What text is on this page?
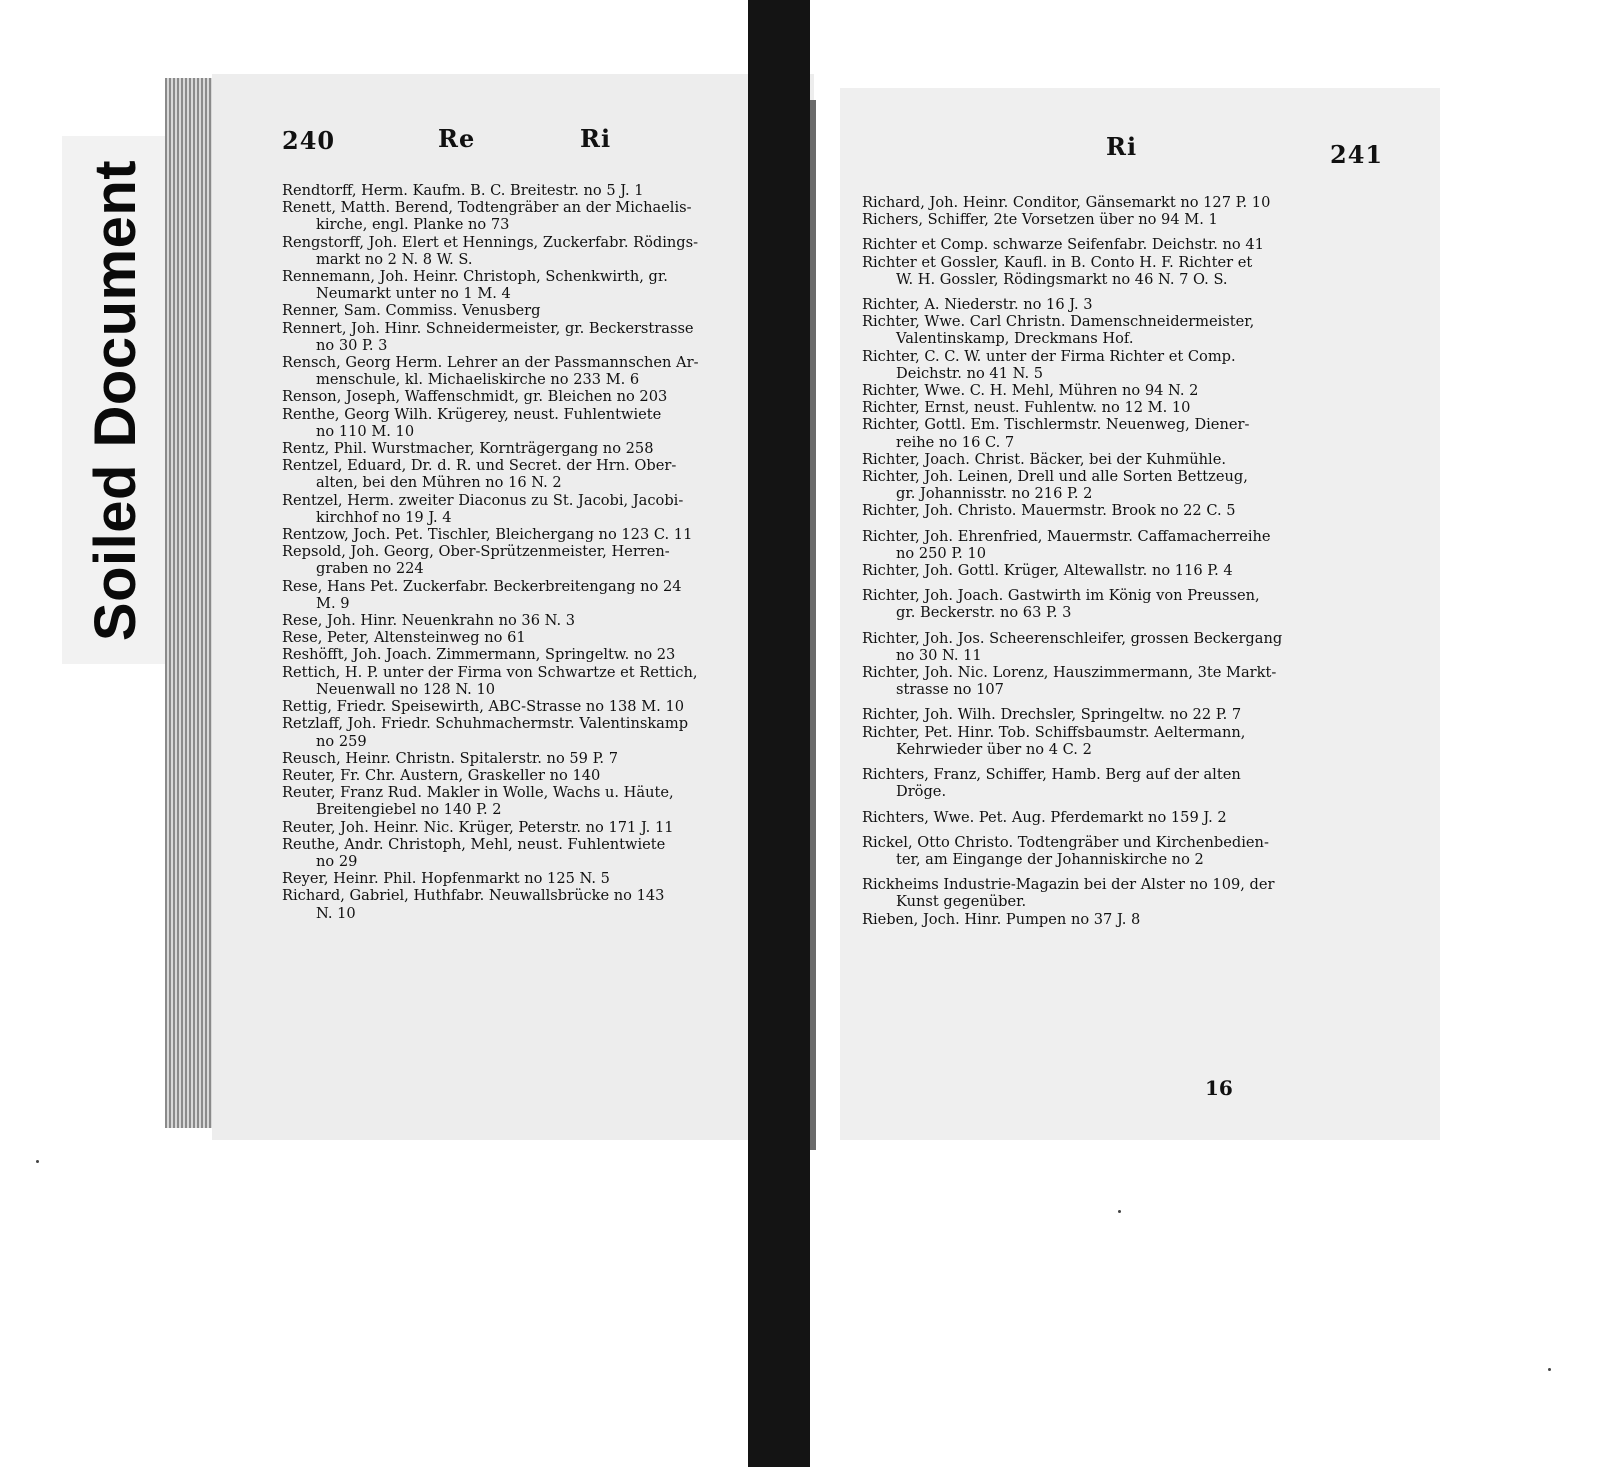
Soiled Document
240	Re	Ri
Rendtorff, Herm. Kaufm. B. C. Breitestr. no 5 J. 1
Renett, Matth. Berend, Todtengräber an der Michaelis-
kirche, engl. Planke no 73
Rengstorff, Joh. Elert et Hennings, Zuckerfabr. Rödings-
markt no 2 N. 8 W. S.
Rennemann, Joh. Heinr. Christoph, Schenkwirth, gr.
Neumarkt unter no 1 M. 4
Renner, Sam. Commiss. Venusberg
Rennert, Joh. Hinr. Schneidermeister, gr. Beckerstrasse
no 30 P. 3
Rensch, Georg Herm. Lehrer an der Passmannschen Ar-
menschule, kl. Michaeliskirche no 233 M. 6
Renson, Joseph, Waffenschmidt, gr. Bleichen no 203
Renthe, Georg Wilh. Krügerey, neust. Fuhlentwiete
no 110 M. 10
Rentz, Phil. Wurstmacher, Kornträgergang no 258
Rentzel, Eduard, Dr. d. R. und Secret. der Hrn. Ober-
alten, bei den Mühren no 16 N. 2
Rentzel, Herm. zweiter Diaconus zu St. Jacobi, Jacobi-
kirchhof no 19 J. 4
Rentzow, Joch. Pet. Tischler, Bleichergang no 123 C. 11
Repsold, Joh. Georg, Ober-Sprützenmeister, Herren-
graben no 224
Rese, Hans Pet. Zuckerfabr. Beckerbreitengang no 24
M. 9
Rese, Joh. Hinr. Neuenkrahn no 36 N. 3
Rese, Peter, Altensteinweg no 61
Reshöfft, Joh. Joach. Zimmermann, Springeltw. no 23
Rettich, H. P. unter der Firma von Schwartze et Rettich,
Neuenwall no 128 N. 10
Rettig, Friedr. Speisewirth, ABC-Strasse no 138 M. 10
Retzlaff, Joh. Friedr. Schuhmachermstr. Valentinskamp
no 259
Reusch, Heinr. Christn. Spitalerstr. no 59 P. 7
Reuter, Fr. Chr. Austern, Graskeller no 140
Reuter, Franz Rud. Makler in Wolle, Wachs u. Häute,
Breitengiebel no 140 P. 2
Reuter, Joh. Heinr. Nic. Krüger, Peterstr. no 171 J. 11
Reuthe, Andr. Christoph, Mehl, neust. Fuhlentwiete
no 29
Reyer, Heinr. Phil. Hopfenmarkt no 125 N. 5
Richard, Gabriel, Huthfabr. Neuwallsbrücke no 143
N. 10
Ri	241
Richard, Joh. Heinr. Conditor, Gänsemarkt no 127 P. 10
Richers, Schiffer, 2te Vorsetzen über no 94 M. 1
Richter et Comp. schwarze Seifenfabr. Deichstr. no 41
Richter et Gossler, Kaufl. in B. Conto H. F. Richter et
W. H. Gossler, Rödingsmarkt no 46 N. 7 O. S.
Richter, A. Niederstr. no 16 J. 3
Richter, Wwe. Carl Christn. Damenschneidermeister,
Valentinskamp, Dreckmans Hof.
Richter, C. C. W. unter der Firma Richter et Comp.
Deichstr. no 41 N. 5
Richter, Wwe. C. H. Mehl, Mühren no 94 N. 2
Richter, Ernst, neust. Fuhlentw. no 12 M. 10
Richter, Gottl. Em. Tischlermstr. Neuenweg, Diener-
reihe no 16 C. 7
Richter, Joach. Christ. Bäcker, bei der Kuhmühle.
Richter, Joh. Leinen, Drell und alle Sorten Bettzeug,
gr. Johannisstr. no 216 P. 2
Richter, Joh. Christo. Mauermstr. Brook no 22 C. 5
Richter, Joh. Ehrenfried, Mauermstr. Caffamacherreihe
no 250 P. 10
Richter, Joh. Gottl. Krüger, Altewallstr. no 116 P. 4
Richter, Joh. Joach. Gastwirth im König von Preussen,
gr. Beckerstr. no 63 P. 3
Richter, Joh. Jos. Scheerenschleifer, grossen Beckergang
no 30 N. 11
Richter, Joh. Nic. Lorenz, Hauszimmermann, 3te Markt-
strasse no 107
Richter, Joh. Wilh. Drechsler, Springeltw. no 22 P. 7
Richter, Pet. Hinr. Tob. Schiffsbaumstr. Aeltermann,
Kehrwieder über no 4 C. 2
Richters, Franz, Schiffer, Hamb. Berg auf der alten
Dröge.
Richters, Wwe. Pet. Aug. Pferdemarkt no 159 J. 2
Rickel, Otto Christo. Todtengräber und Kirchenbedien-
ter, am Eingange der Johanniskirche no 2
Rickheims Industrie-Magazin bei der Alster no 109, der
Kunst gegenüber.
Rieben, Joch. Hinr. Pumpen no 37 J. 8
16
